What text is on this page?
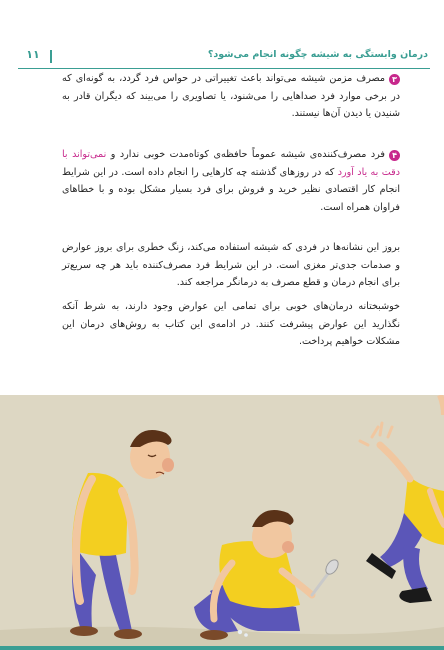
۱۱	درمان وابستگی به شیشه چگونه انجام می‌شود؟

۳مصرف مزمن شیشه می‌تواند باعث تغییراتی در حواس فرد گردد، به گونه‌ای که در برخی موارد فرد صداهایی را می‌شنود، یا تصاویری را می‌بیند که دیگران قادر به شنیدن یا دیدن آن‌ها نیستند.

۴فرد مصرف‌کننده‌ی شیشه عموماً حافظه‌ی کوتاه‌مدت خوبی ندارد و نمی‌تواند با دقت به یاد آورد که در روزهای گذشته چه کارهایی را انجام داده است. در این شرایط انجام کار اقتصادی نظیر خرید و فروش برای فرد بسیار مشکل بوده و با خطاهای فراوان همراه است.

بروز این نشانه‌ها در فردی که شیشه استفاده می‌کند، زنگ خطری برای بروز عوارض و صدمات جدی‌تر مغزی است. در این شرایط فرد مصرف‌کننده باید هر چه سریع‌تر برای انجام درمان و قطع مصرف به درمانگر مراجعه کند.

خوشبختانه درمان‌های خوبی برای تمامی این عوارض وجود دارند، به شرط آنکه نگذارید این عوارض پیشرفت کنند. در ادامه‌ی این کتاب به روش‌های درمان این مشکلات خواهیم پرداخت.
